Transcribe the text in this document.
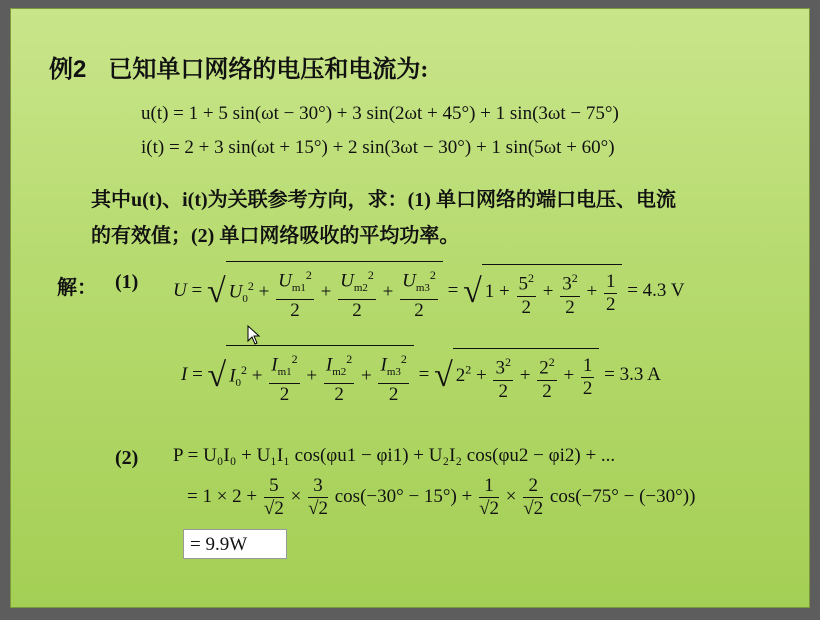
例2 已知单口网络的电压和电流为:
u(t) = 1 + 5 sin(ωt − 30°) + 3 sin(2ωt + 45°) + 1 sin(3ωt − 75°)
i(t) = 2 + 3 sin(ωt + 15°) + 2 sin(3ωt − 30°) + 1 sin(5ωt + 60°)
其中u(t)、i(t)为关联参考方向，求：(1) 单口网络的端口电压、电流
的有效值；(2) 单口网络吸收的平均功率。
解： (1) U = √ $U_0^2 + \frac{U_{m1}^2}{2} + \frac{U_{m2}^2}{2} + \frac{U_{m3}^2}{2} = √1 + \frac{5^2}{2} + \frac{3^2}{2} + \frac{1}{2} = 4.3$ V
I = √ $I_0^2 + \frac{I_{m1}^2}{2} + \frac{I_{m2}^2}{2} + \frac{I_{m3}^2}{2} = √2^2 + \frac{3^2}{2} + \frac{2^2}{2} + \frac{1}{2} = 3.3$ A
(2) P = U₀I₀ + U₁I₁ cos(φu1 − φi1) + U₂I₂ cos(φu2 − φi2) + ...
= $1 \times 2 + \frac{5}{√2} \times \frac{3}{√2} \cos(-30^\circ - 15^\circ) + \frac{1}{√2} \times \frac{2}{√2} \cos(-75^\circ - (-30^\circ))$
= 9.9W
